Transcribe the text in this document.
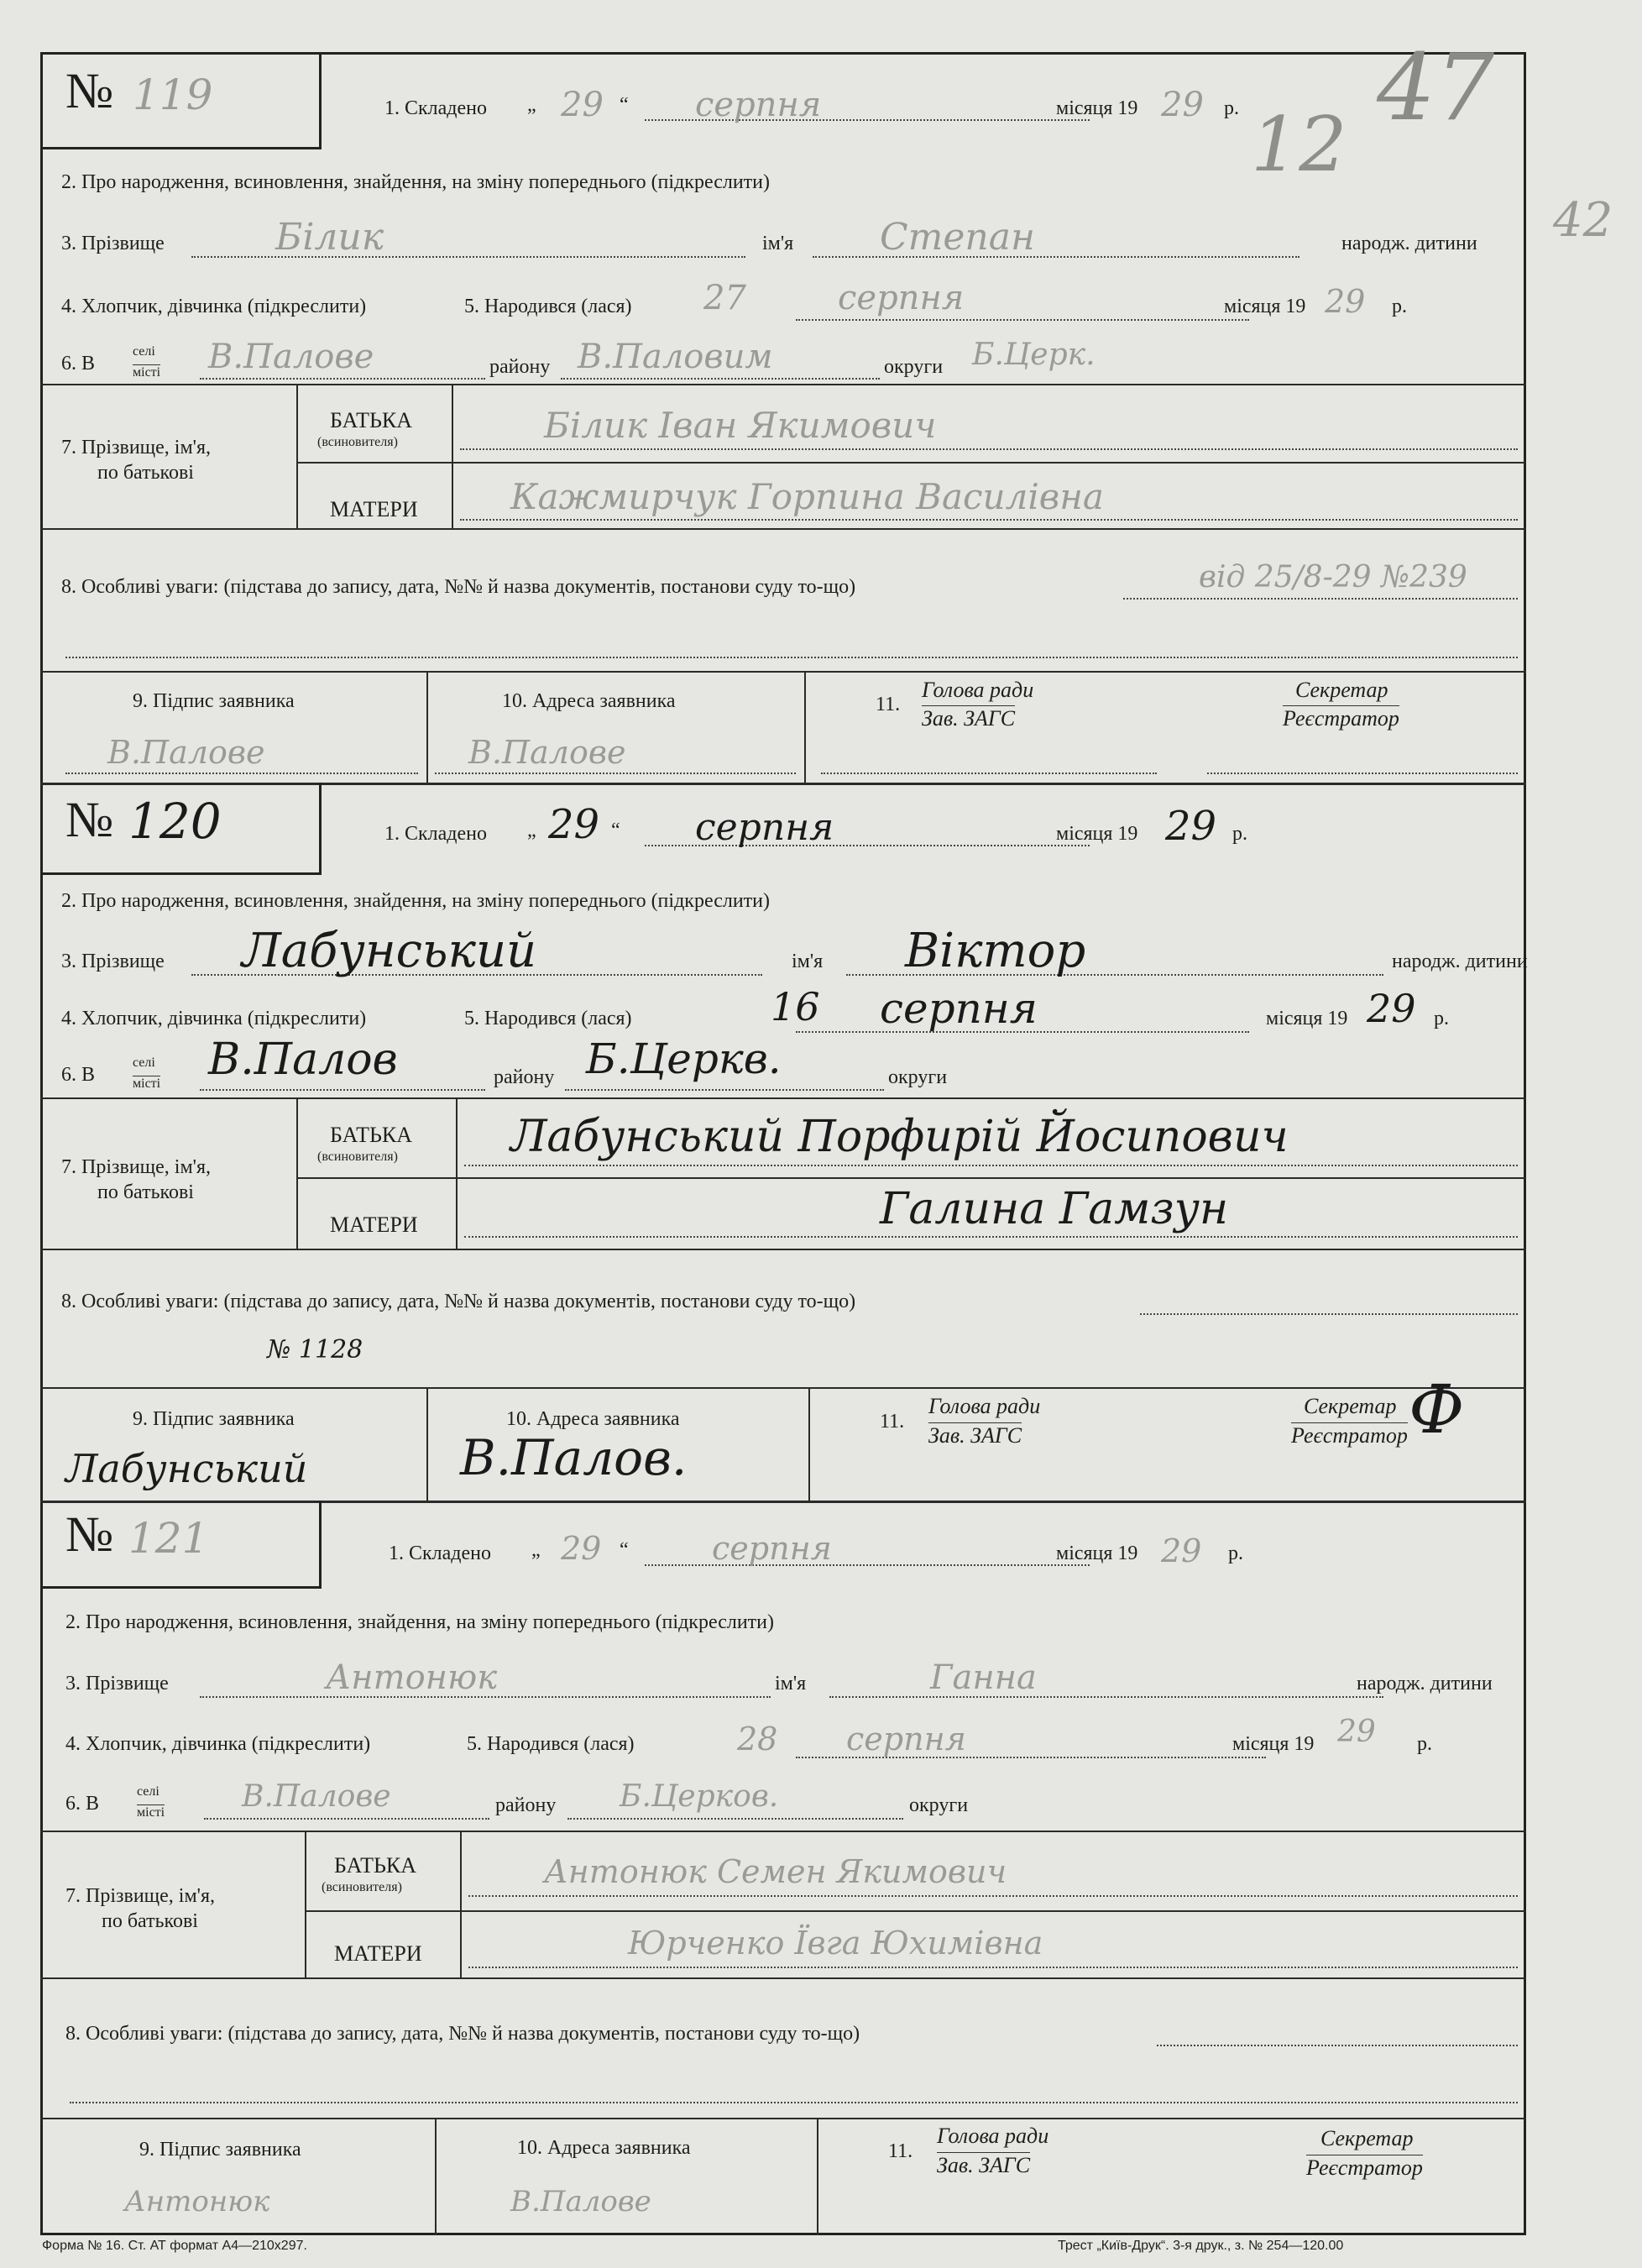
№ 119	1. Складено „ 29 “ серпня	місяця 19 29 р.
2. Про народження, всиновлення, знайдення, на зміну попереднього (підкреслити)
3. Прізвище	Білик	ім'я Степан	народж. дитини
4. Хлопчик, дівчинка (підкреслити)	5. Народився (лася) 27	серпня	місяця 19 29 р.
6. В
селі
місті В.Палове	району В.Паловим	округи Б.Церк.
7. Прізвище, ім'я,
по батькові
БАТЬКА
(всиновителя)
МАТЕРИ
Білик Іван Якимович
Кажмирчук Горпина Василівна
8. Особливі уваги: (підстава до запису, дата, №№ й назва документів, постанови суду то-що)	від 25/8-29 №239
9. Підпис заявника	10. Адреса заявника	11.
Голова ради
Зав. ЗАГС
Секретар
Реєстратор
В.Палове	В.Палове
№ 120	1. Складено „ 29 “ серпня	місяця 19 29 р.
2. Про народження, всиновлення, знайдення, на зміну попереднього (підкреслити)
3. Прізвище Лабунський	ім'я Віктор	народж. дитини
4. Хлопчик, дівчинка (підкреслити)	5. Народився (лася)	16 серпня	місяця 19 29 р.
6. В
селі
місті В.Палов	району Б.Церкв.	округи
7. Прізвище, ім'я,
по батькові
БАТЬКА
(всиновителя)
МАТЕРИ
Лабунський Порфирій Йосипович
Галина Гамзун
8. Особливі уваги: (підстава до запису, дата, №№ й назва документів, постанови суду то-що)
№ 1128
9. Підпис заявника	10. Адреса заявника	11.
Голова ради
Зав. ЗАГС
Секретар
Реєстратор
Лабунський	В.Палов.
Ф
№ 121	1. Складено „ 29 “	серпня	місяця 19 29 р.
2. Про народження, всиновлення, знайдення, на зміну попереднього (підкреслити)
3. Прізвище	Антонюк	ім'я	Ганна	народж. дитини
4. Хлопчик, дівчинка (підкреслити)	5. Народився (лася)	28 серпня	місяця 19 29 р.
6. В
селі
місті	В.Палове	району Б.Церков.	округи
7. Прізвище, ім'я,
по батькові
БАТЬКА
(всиновителя)
МАТЕРИ
Антонюк Семен Якимович
Юрченко Ївга Юхимівна
8. Особливі уваги: (підстава до запису, дата, №№ й назва документів, постанови суду то-що)
9. Підпис заявника	10. Адреса заявника	11.
Голова ради
Зав. ЗАГС
Секретар
Реєстратор
Антонюк	В.Палове
12
47
42
Форма № 16. Ст. АТ формат А4—210х297.	Трест „Київ-Друк“. 3-я друк., з. № 254—120.00
